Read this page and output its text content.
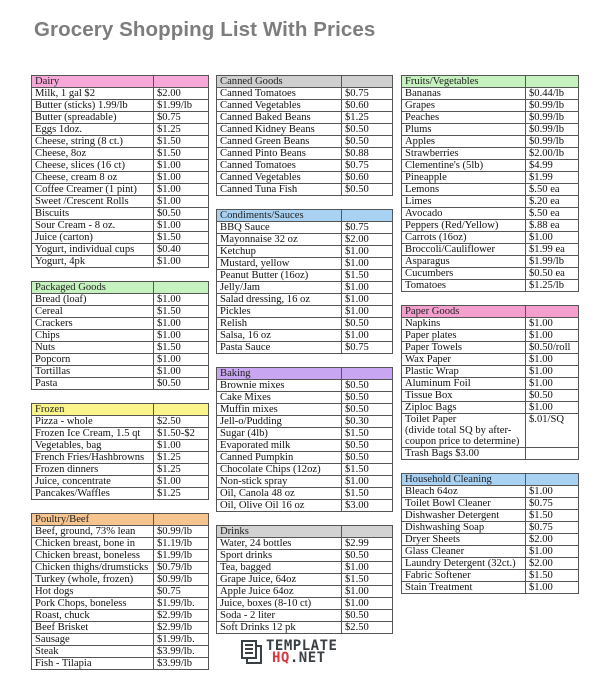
Grocery Shopping List With Prices
Dairy	
Milk, 1 gal $2	$2.00
Butter (sticks) 1.99/lb	$1.99/lb
Butter (spreadable)	$0.75
Eggs 1doz.	$1.25
Cheese, string (8 ct.)	$1.50
Cheese, 8oz	$1.50
Cheese, slices (16 ct)	$1.00
Cheese, cream 8 oz	$1.00
Coffee Creamer (1 pint)	$1.00
Sweet /Crescent Rolls	$1.00
Biscuits	$0.50
Sour Cream - 8 oz.	$1.00
Juice (carton)	$1.50
Yogurt, individual cups	$0.40
Yogurt, 4pk	$1.00
Packaged Goods	
Bread (loaf)	$1.00
Cereal	$1.50
Crackers	$1.00
Chips	$1.00
Nuts	$1.50
Popcorn	$1.00
Tortillas	$1.00
Pasta	$0.50
Frozen	
Pizza - whole	$2.50
Frozen Ice Cream, 1.5 qt	$1.50-$2
Vegetables, bag	$1.00
French Fries/Hashbrowns	$1.25
Frozen dinners	$1.25
Juice, concentrate	$1.00
Pancakes/Waffles	$1.25
Poultry/Beef	
Beef, ground, 73% lean	$0.99/lb
Chicken breast, bone in	$1.19/lb
Chicken breast, boneless	$1.99/lb
Chicken thighs/drumsticks	$0.79/lb
Turkey (whole, frozen)	$0.99/lb
Hot dogs	$0.75
Pork Chops, boneless	$1.99/lb.
Roast, chuck	$2.99/lb
Beef Brisket	$2.99/lb
Sausage	$1.99/lb.
Steak	$3.99/lb.
Fish - Tilapia	$3.99/lb
Canned Goods	
Canned Tomatoes	$0.75
Canned Vegetables	$0.60
Canned Baked Beans	$1.25
Canned Kidney Beans	$0.50
Canned Green Beans	$0.50
Canned Pinto Beans	$0.88
Canned Tomatoes	$0.75
Canned Vegetables	$0.60
Canned Tuna Fish	$0.50
Condiments/Sauces	
BBQ Sauce	$0.75
Mayonnaise 32 oz	$2.00
Ketchup	$1.00
Mustard, yellow	$1.00
Peanut Butter (16oz)	$1.50
Jelly/Jam	$1.00
Salad dressing, 16 oz	$1.00
Pickles	$1.00
Relish	$0.50
Salsa, 16 oz	$1.00
Pasta Sauce	$0.75
Baking	
Brownie mixes	$0.50
Cake Mixes	$0.50
Muffin mixes	$0.50
Jell-o/Pudding	$0.30
Sugar (4lb)	$1.50
Evaporated milk	$0.50
Canned Pumpkin	$0.50
Chocolate Chips (12oz)	$1.50
Non-stick spray	$1.00
Oil, Canola 48 oz	$1.50
Oil, Olive Oil 16 oz	$3.00
Drinks	
Water, 24 bottles	$2.99
Sport drinks	$0.50
Tea, bagged	$1.00
Grape Juice, 64oz	$1.50
Apple Juice 64oz	$1.00
Juice, boxes (8-10 ct)	$1.00
Soda - 2 liter	$0.50
Soft Drinks 12 pk	$2.50
Fruits/Vegetables	
Bananas	$0.44/lb
Grapes	$0.99/lb
Peaches	$0.99/lb
Plums	$0.99/lb
Apples	$0.99/lb
Strawberries	$2.00/lb
Clementine's (5lb)	$4.99
Pineapple	$1.99
Lemons	$.50 ea
Limes	$.20 ea
Avocado	$.50 ea
Peppers (Red/Yellow)	$.88 ea
Carrots (16oz)	$1.00
Broccoli/Cauliflower	$1.99 ea
Asparagus	$1.99/lb
Cucumbers	$0.50 ea
Tomatoes	$1.25/lb
Paper Goods	
Napkins	$1.00
Paper plates	$1.00
Paper Towels	$0.50/roll
Wax Paper	$1.00
Plastic Wrap	$1.00
Aluminum Foil	$1.00
Tissue Box	$0.50
Ziploc Bags	$1.00
Toilet Paper
(divide total SQ by after-coupon price to determine)	$.01/SQ
Trash Bags $3.00	
Household Cleaning	
Bleach 64oz	$1.00
Toilet Bowl Cleaner	$0.75
Dishwasher Detergent	$1.50
Dishwashing Soap	$0.75
Dryer Sheets	$2.00
Glass Cleaner	$1.00
Laundry Detergent (32ct.)	$2.00
Fabric Softener	$1.50
Stain Treatment	$1.00
TEMPLATE
HQ.NET
